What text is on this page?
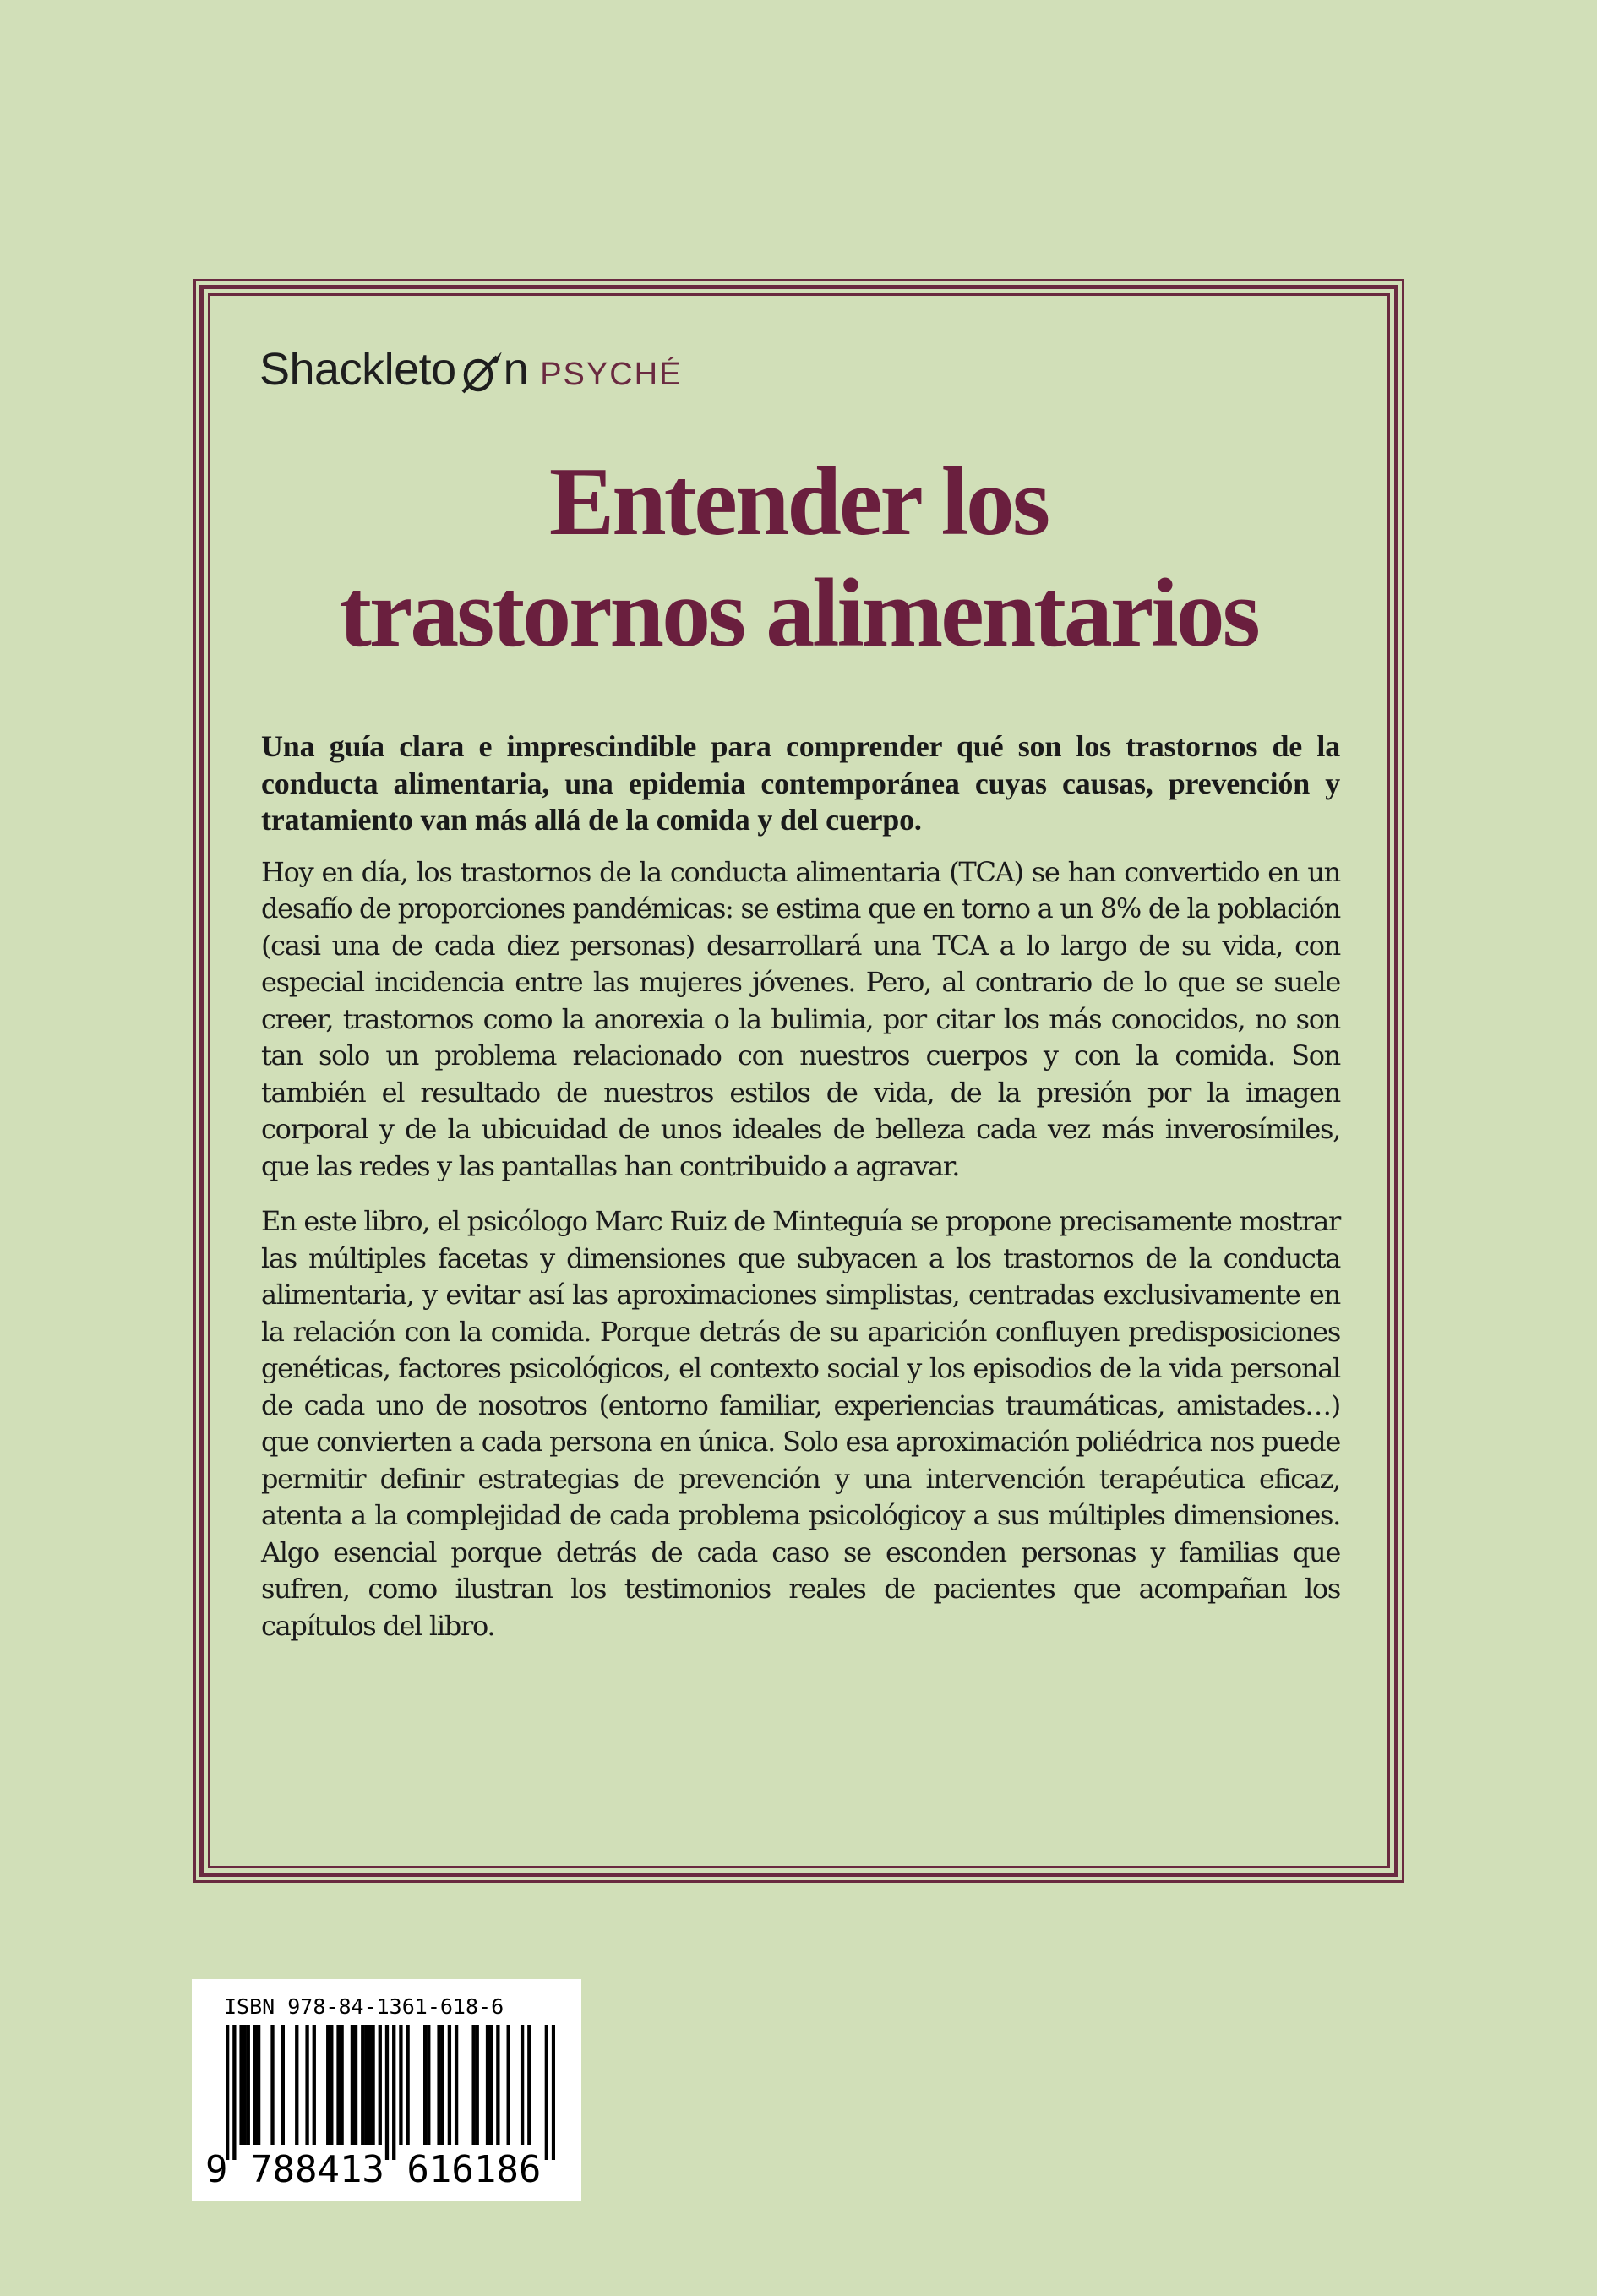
Shackleto n PSYCHÉ
Entender los
trastornos alimentarios

Una guía clara e imprescindible para comprender qué son los trastornos de la conducta alimentaria, una epidemia contemporánea cuyas causas, prevención y tratamiento van más allá de la comida y del cuerpo.

Hoy en día, los trastornos de la conducta alimentaria (TCA) se han convertido en un desafío de proporciones pandémicas: se estima que en torno a un 8% de la población (casi una de cada diez personas) desarrollará una TCA a lo largo de su vida, con especial incidencia entre las mujeres jóvenes. Pero, al contrario de lo que se suele creer, trastornos como la anorexia o la bulimia, por citar los más conocidos, no son tan solo un problema relacionado con nuestros cuerpos y con la comida. Son también el resultado de nuestros estilos de vida, de la presión por la imagen corporal y de la ubicuidad de unos ideales de belleza cada vez más inverosímiles, que las redes y las pantallas han contribuido a agravar.

En este libro, el psicólogo Marc Ruiz de Minteguía se propone precisamente mostrar las múltiples facetas y dimensiones que subyacen a los trastornos de la conducta alimentaria, y evitar así las aproximaciones simplistas, centradas exclusivamente en la relación con la comida. Porque detrás de su aparición confluyen predisposiciones genéticas, factores psicológicos, el contexto social y los episodios de la vida personal de cada uno de nosotros (entorno familiar, experiencias traumáticas, amistades…) que convierten a cada persona en única. Solo esa aproximación poliédrica nos puede permitir definir estrategias de prevención y una intervención terapéutica eficaz, atenta a la complejidad de cada problema psicológicoy a sus múltiples dimensiones. Algo esencial porque detrás de cada caso se esconden personas y familias que sufren, como ilustran los testimonios reales de pacientes que acompañan los capítulos del libro.

ISBN 978-84-1361-618-6
9 788413 616186
